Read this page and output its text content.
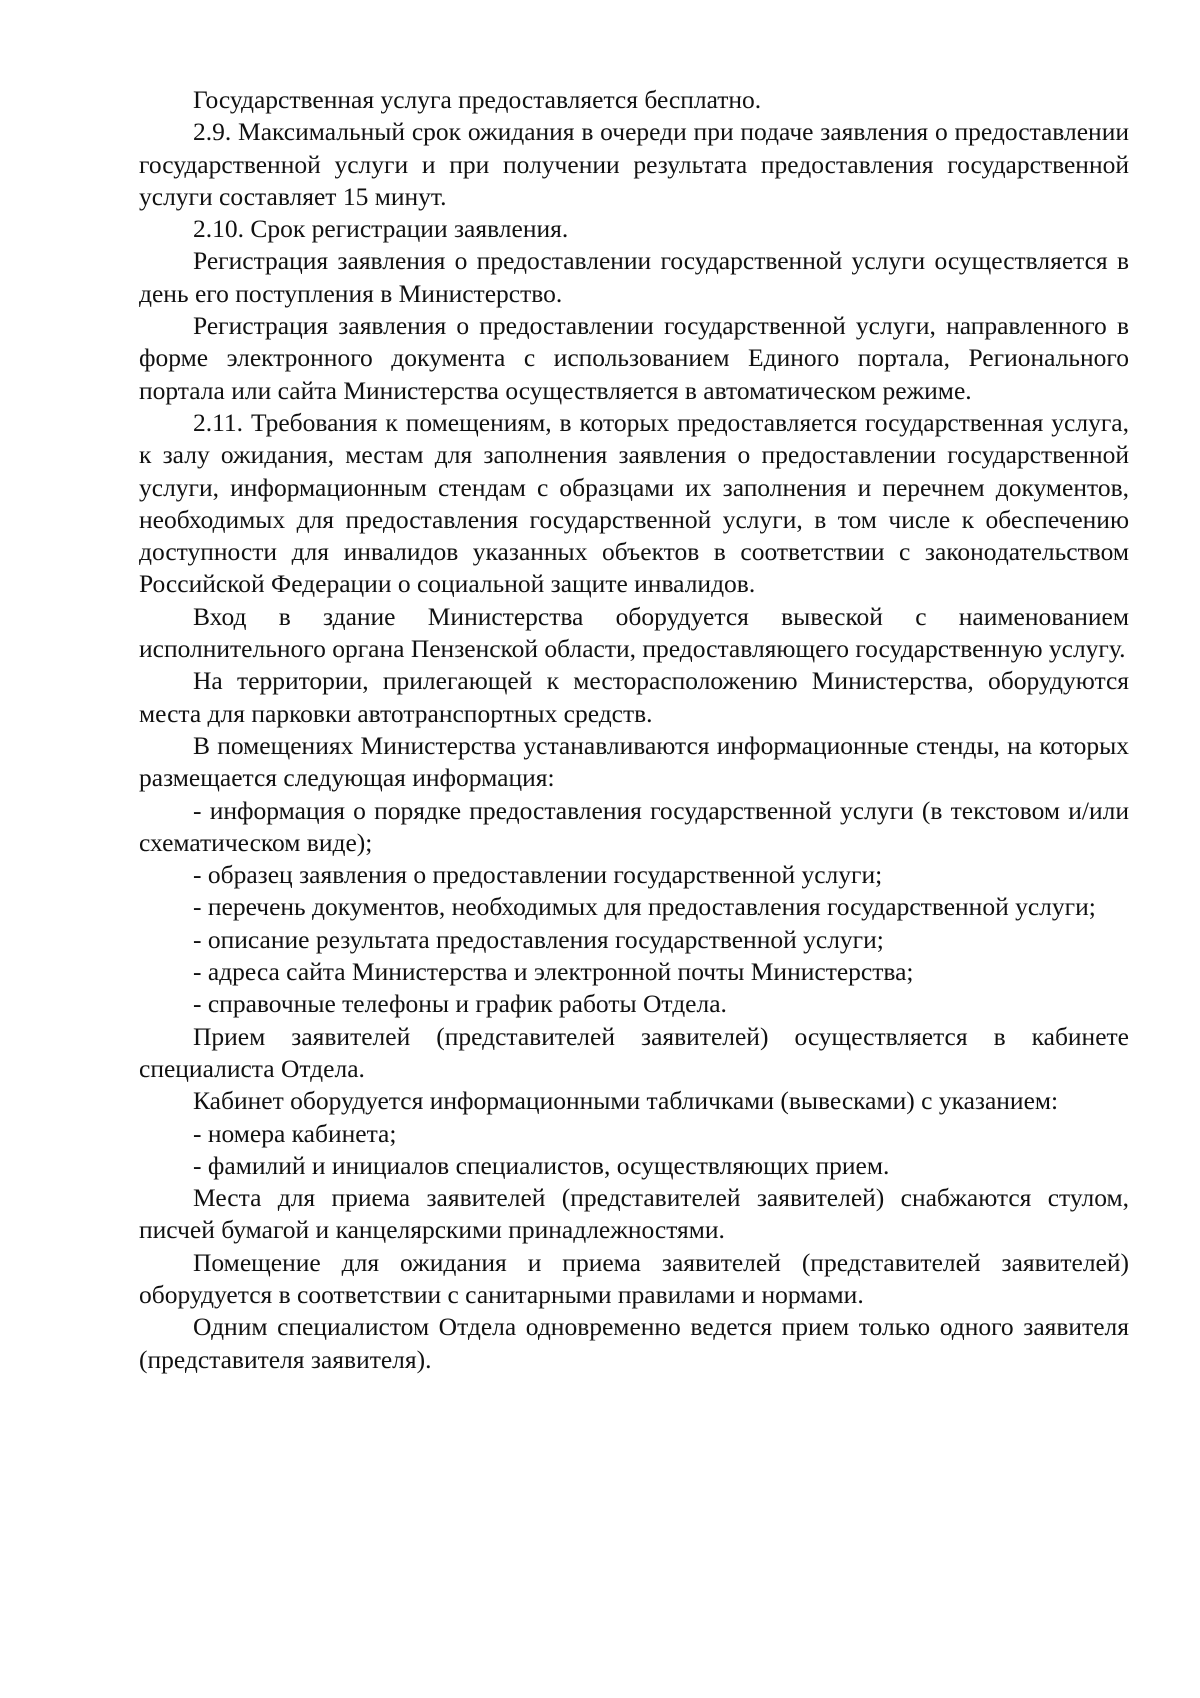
Государственная услуга предоставляется бесплатно.

2.9. Максимальный срок ожидания в очереди при подаче заявления о предоставлении государственной услуги и при получении результата предоставления государственной услуги составляет 15 минут.

2.10. Срок регистрации заявления.

Регистрация заявления о предоставлении государственной услуги осуществляется в день его поступления в Министерство.

Регистрация заявления о предоставлении государственной услуги, направленного в форме электронного документа с использованием Единого портала, Регионального портала или сайта Министерства осуществляется в автоматическом режиме.

2.11. Требования к помещениям, в которых предоставляется государственная услуга, к залу ожидания, местам для заполнения заявления о предоставлении государственной услуги, информационным стендам с образцами их заполнения и перечнем документов, необходимых для предоставления государственной услуги, в том числе к обеспечению доступности для инвалидов указанных объектов в соответствии с законодательством Российской Федерации о социальной защите инвалидов.

Вход в здание Министерства оборудуется вывеской с наименованием исполнительного органа Пензенской области, предоставляющего государственную услугу.

На территории, прилегающей к месторасположению Министерства, оборудуются места для парковки автотранспортных средств.

В помещениях Министерства устанавливаются информационные стенды, на которых размещается следующая информация:

- информация о порядке предоставления государственной услуги (в текстовом и/или схематическом виде);

- образец заявления о предоставлении государственной услуги;

- перечень документов, необходимых для предоставления государственной услуги;

- описание результата предоставления государственной услуги;

- адреса сайта Министерства и электронной почты Министерства;

- справочные телефоны и график работы Отдела.

Прием заявителей (представителей заявителей) осуществляется в кабинете специалиста Отдела.

Кабинет оборудуется информационными табличками (вывесками) с указанием:

- номера кабинета;

- фамилий и инициалов специалистов, осуществляющих прием.

Места для приема заявителей (представителей заявителей) снабжаются стулом, писчей бумагой и канцелярскими принадлежностями.

Помещение для ожидания и приема заявителей (представителей заявителей) оборудуется в соответствии с санитарными правилами и нормами.

Одним специалистом Отдела одновременно ведется прием только одного заявителя (представителя заявителя).
